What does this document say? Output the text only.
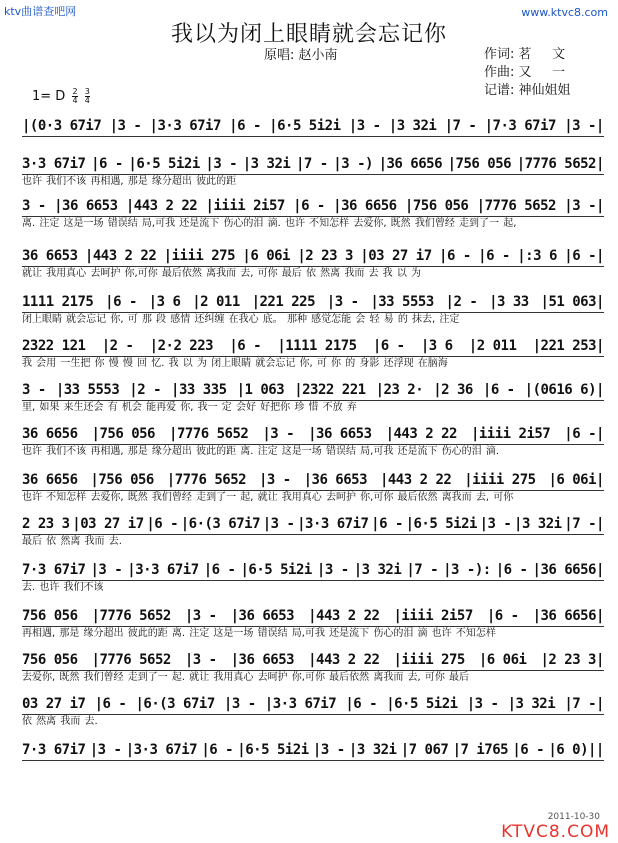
ktv曲谱查吧网	www.ktvc8.com
我以为闭上眼睛就会忘记你
原唱: 赵小南	作词: 茗     文
作曲: 又     一
记谱: 神仙姐姐
1= D $\frac{2}{4}$
$\frac{3}{4}$
|(0·3 67i7 |3 - |3·3 67i7 |6 - |6·5 5i2i |3 - |3 32i |7 - |7·3 67i7 |3 -|
3·3 67i7 |6 - |6·5 5i2i |3 - |3 32i |7 - |3 -) |36 6656 |756 056 |7776 5652|
也许 我们不该 再相遇, 那是 缘分超出 彼此的距
3 - |36 6653 |443 2 22 |iiii 2i57 |6 - |36 6656 |756 056 |7776 5652 |3 -|
离. 注定 这是一场 错误结 局,可我 还是流下 伤心的泪 滴. 也许 不知怎样 去爱你, 既然 我们曾经 走到了一 起,
36 6653 |443 2 22 |iiii 275 |6 06i |2 23 3 |03 27 i7 |6 - |6 - |:3 6 |6 -|
就让 我用真心 去呵护 你,可你 最后依然 离我而 去, 可你 最后 依 然离 我而 去 我 以 为
1111 2175 |6 - |3 6 |2 011 |221 225 |3 - |33 5553 |2 - |3 33 |51 063|
闭上眼睛 就会忘记 你, 可 那 段 感情 还纠缠 在我心 底。 那种 感觉怎能 会 轻 易 的 抹去, 注定
2322 121 |2 - |2·2 223 |6 - |1111 2175 |6 - |3 6 |2 011 |221 253|
我 会用 一生把 你 慢 慢 回 忆. 我 以 为 闭上眼睛 就会忘记 你, 可 你 的 身影 还浮现 在脑海
3 - |33 5553 |2 - |33 335 |1 063 |2322 221 |23 2· |2 36 |6 - |(0616 6)|
里, 如果 来生还会 有 机会 能再爱 你, 我一 定 会好 好把你 珍 惜 不放 弃
36 6656 |756 056 |7776 5652 |3 - |36 6653 |443 2 22 |iiii 2i57 |6 -|
也许 我们不该 再相遇, 那是 缘分超出 彼此的距 离. 注定 这是一场 错误结 局,可我 还是流下 伤心的泪 滴.
36 6656 |756 056 |7776 5652 |3 - |36 6653 |443 2 22 |iiii 275 |6 06i|
也许 不知怎样 去爱你, 既然 我们曾经 走到了一 起, 就让 我用真心 去呵护 你,可你 最后依然 离我而 去, 可你
2 23 3 |03 27 i7 |6 - |6·(3 67i7 |3 - |3·3 67i7 |6 - |6·5 5i2i |3 - |3 32i |7 -|
最后 依 然离 我而 去.
7·3 67i7 |3 - |3·3 67i7 |6 - |6·5 5i2i |3 - |3 32i |7 - |3 -): |6 - |36 6656|
去. 也许 我们不该
756 056 |7776 5652 |3 - |36 6653 |443 2 22 |iiii 2i57 |6 - |36 6656|
再相遇, 那是 缘分超出 彼此的距 离. 注定 这是一场 错误结 局,可我 还是流下 伤心的泪 滴 也许 不知怎样
756 056 |7776 5652 |3 - |36 6653 |443 2 22 |iiii 275 |6 06i |2 23 3|
去爱你, 既然 我们曾经 走到了一 起. 就让 我用真心 去呵护 你,可你 最后依然 离我而 去, 可你 最后
03 27 i7 |6 - |6·(3 67i7 |3 - |3·3 67i7 |6 - |6·5 5i2i |3 - |3 32i |7 -|
依 然离 我而 去.
7·3 67i7 |3 - |3·3 67i7 |6 - |6·5 5i2i |3 - |3 32i |7 067 |7 i765 |6 - |6 0)||
2011-10-30
KTVC8.COM
